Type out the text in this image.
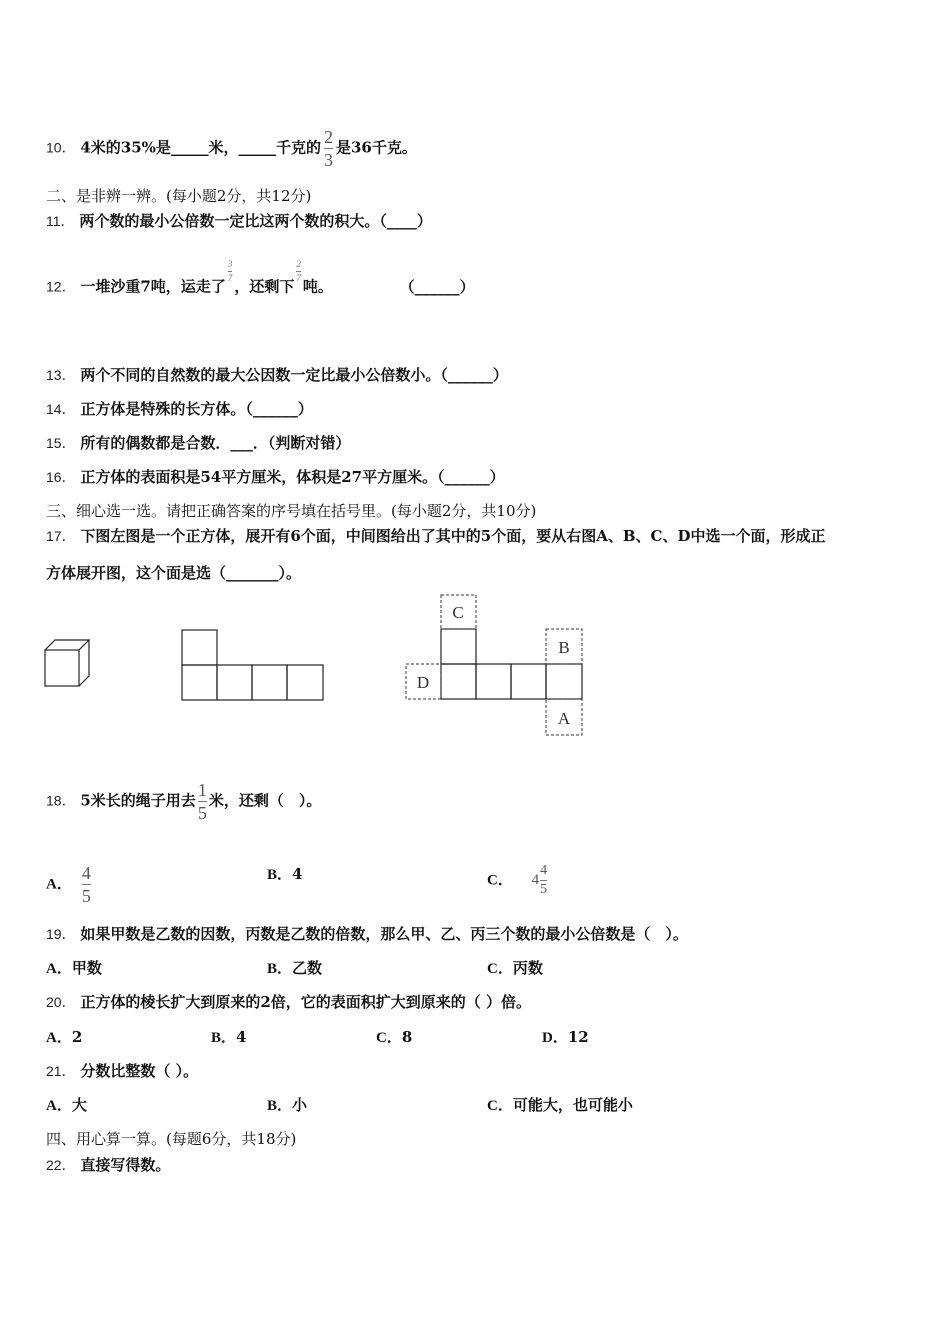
10． 4米的35%是_____米，_____千克的 $\frac{2}{3}$ 是36千克。
二、是非辨一辨。(每小题2分，共12分)
11． 两个数的最小公倍数一定比这两个数的积大。（____）
12． 一堆沙重7吨，运走了
$\frac{3}{7}$
，还剩下
$\frac{2}{7}$
吨。	（______）
13． 两个不同的自然数的最大公因数一定比最小公倍数小。（______）
14． 正方体是特殊的长方体。（______）
15． 所有的偶数都是合数．___．（判断对错）
16． 正方体的表面积是54平方厘米，体积是27平方厘米。（______）
三、细心选一选。请把正确答案的序号填在括号里。(每小题2分，共10分)
17． 下图左图是一个正方体，展开有6个面，中间图给出了其中的5个面，要从右图A、B、C、D中选一个面，形成正
方体展开图，这个面是选（_______）。
C
B
A
D
18． 5米长的绳子用去 $\frac{1}{5}$ 米，还剩（　）。
A． $\frac{4}{5}$	B．4	C． $4 \frac{4}{5}$
19． 如果甲数是乙数的因数，丙数是乙数的倍数，那么甲、乙、丙三个数的最小公倍数是（　）。
A．甲数	B．乙数	C．丙数
20． 正方体的棱长扩大到原来的2倍，它的表面积扩大到原来的（ ）倍。
A．2	B．4	C．8	D．12
21． 分数比整数（ ）。
A．大	B．小	C．可能大，也可能小
四、用心算一算。(每题6分，共18分)
22． 直接写得数。
